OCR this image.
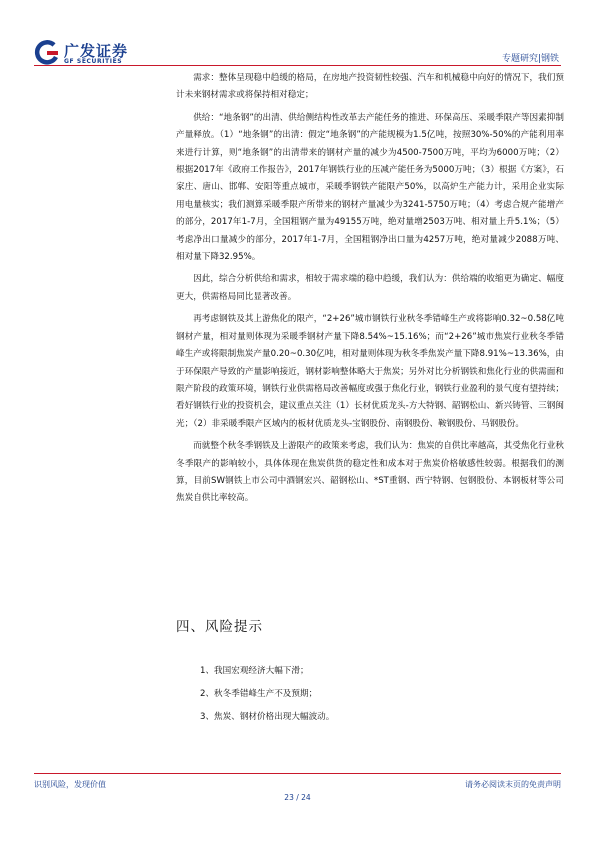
广发证券
GF SECURITIES	专题研究|钢铁

需求：整体呈现稳中趋缓的格局，在房地产投资韧性较强、汽车和机械稳中向好的情况下，我们预计未来钢材需求或将保持相对稳定；

供给：“地条钢”的出清、供给侧结构性改革去产能任务的推进、环保高压、采暖季限产等因素抑制产量释放。（1）“地条钢”的出清：假定“地条钢”的产能规模为1.5亿吨，按照30%-50%的产能利用率来进行计算，则“地条钢”的出清带来的钢材产量的减少为4500-7500万吨，平均为6000万吨；（2）根据2017年《政府工作报告》，2017年钢铁行业的压减产能任务为5000万吨；（3）根据《方案》，石家庄、唐山、邯郸、安阳等重点城市，采暖季钢铁产能限产50%，以高炉生产能力计，采用企业实际用电量核实；我们测算采暖季限产所带来的钢材产量减少为3241-5750万吨；（4）考虑合规产能增产的部分，2017年1-7月，全国粗钢产量为49155万吨，绝对量增2503万吨、相对量上升5.1%；（5）考虑净出口量减少的部分，2017年1-7月，全国粗钢净出口量为4257万吨，绝对量减少2088万吨、相对量下降32.95%。

因此，综合分析供给和需求，相较于需求端的稳中趋缓，我们认为：供给端的收缩更为确定、幅度更大，供需格局同比显著改善。

再考虑钢铁及其上游焦化的限产，“2+26”城市钢铁行业秋冬季错峰生产或将影响0.32~0.58亿吨钢材产量，相对量则体现为采暖季钢材产量下降8.54%~15.16%；而“2+26”城市焦炭行业秋冬季错峰生产或将限制焦炭产量0.20~0.30亿吨，相对量则体现为秋冬季焦炭产量下降8.91%~13.36%，由于环保限产导致的产量影响接近，钢材影响整体略大于焦炭；另外对比分析钢铁和焦化行业的供需面和限产阶段的政策环境，钢铁行业供需格局改善幅度或强于焦化行业，钢铁行业盈利的景气度有望持续；看好钢铁行业的投资机会，建议重点关注（1）长材优质龙头-方大特钢、韶钢松山、新兴铸管、三钢闽光；（2）非采暖季限产区域内的板材优质龙头-宝钢股份、南钢股份、鞍钢股份、马钢股份。

而就整个秋冬季钢铁及上游限产的政策来考虑，我们认为：焦炭的自供比率越高，其受焦化行业秋冬季限产的影响较小，具体体现在焦炭供货的稳定性和成本对于焦炭价格敏感性较弱。根据我们的测算，目前SW钢铁上市公司中酒钢宏兴、韶钢松山、*ST重钢、西宁特钢、包钢股份、本钢板材等公司焦炭自供比率较高。

四、风险提示
1、我国宏观经济大幅下滑；
2、秋冬季错峰生产不及预期；
3、焦炭、钢材价格出现大幅波动。
识别风险，发现价值	请务必阅读末页的免责声明
23 / 24
